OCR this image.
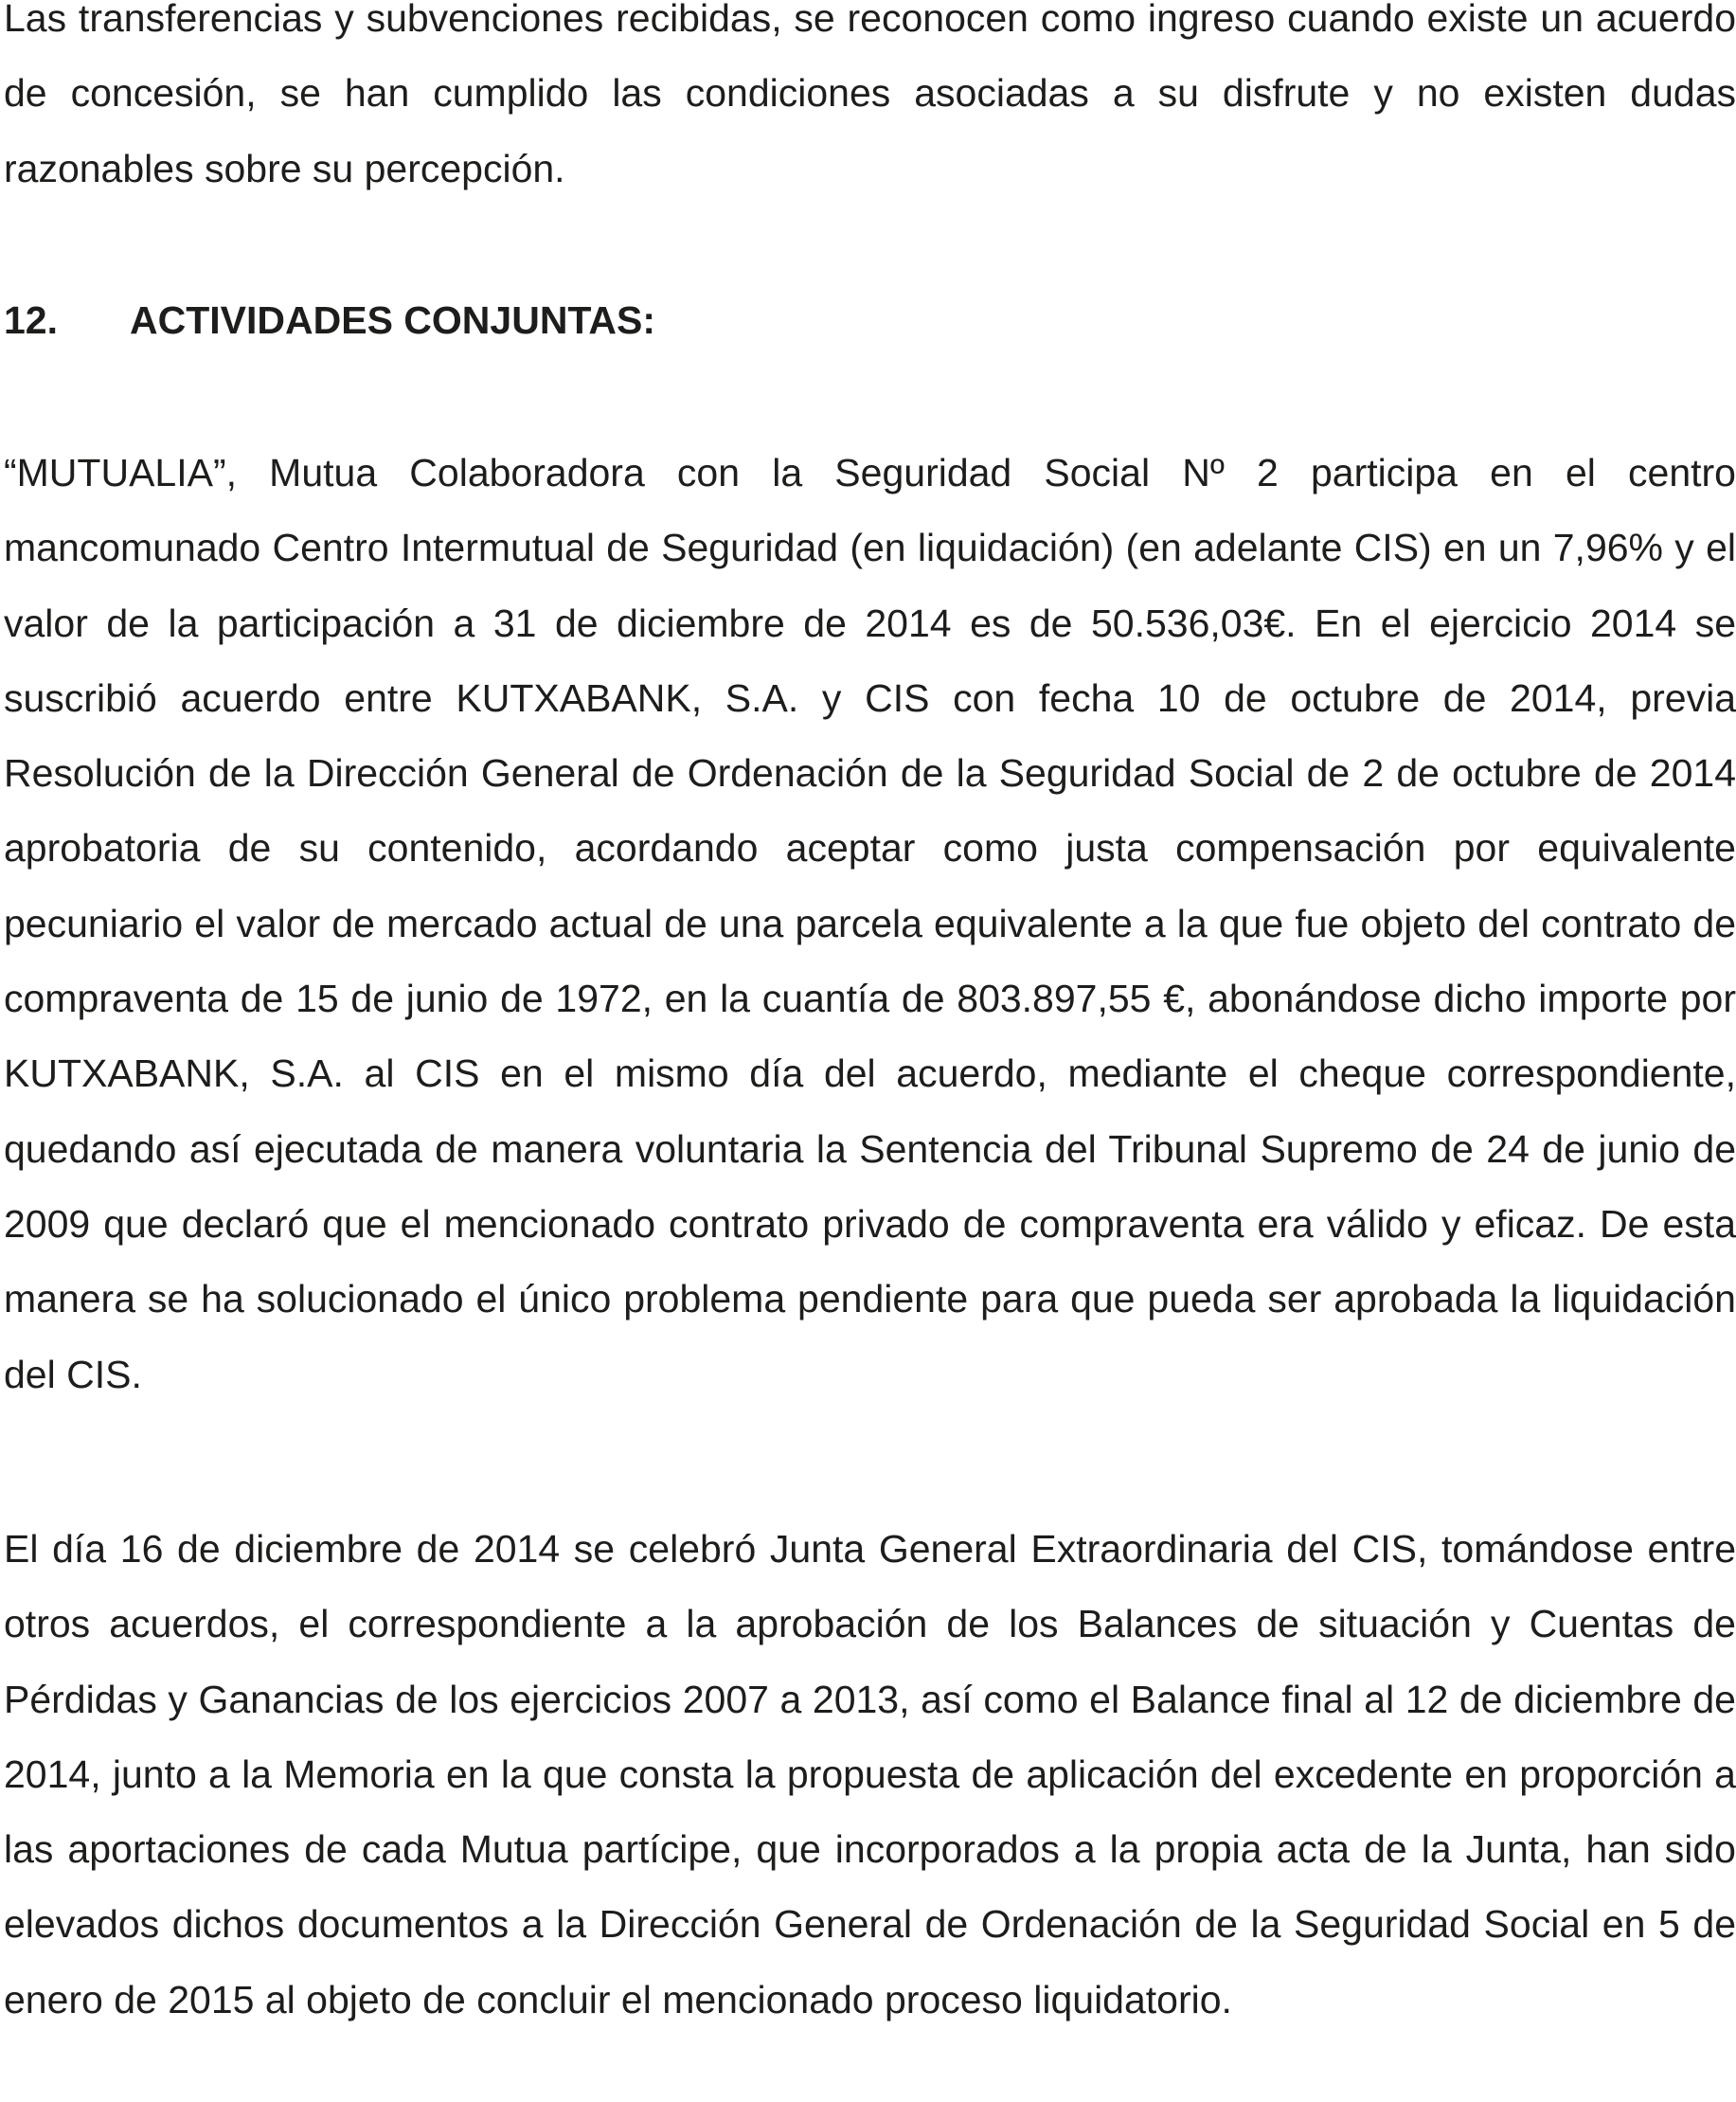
Las transferencias y subvenciones recibidas, se reconocen como ingreso cuando existe un acuerdo de concesión, se han cumplido las condiciones asociadas a su disfrute y no existen dudas razonables sobre su percepción.

12. ACTIVIDADES CONJUNTAS:

“MUTUALIA”, Mutua Colaboradora con la Seguridad Social Nº 2 participa en el centro mancomunado Centro Intermutual de Seguridad (en liquidación) (en adelante CIS) en un 7,96% y el valor de la participación a 31 de diciembre de 2014 es de 50.536,03€. En el ejercicio 2014 se suscribió acuerdo entre KUTXABANK, S.A. y CIS con fecha 10 de octubre de 2014, previa Resolución de la Dirección General de Ordenación de la Seguridad Social de 2 de octubre de 2014 aprobatoria de su contenido, acordando aceptar como justa compensación por equivalente pecuniario el valor de mercado actual de una parcela equivalente a la que fue objeto del contrato de compraventa de 15 de junio de 1972, en la cuantía de 803.897,55 €, abonándose dicho importe por KUTXABANK, S.A. al CIS en el mismo día del acuerdo, mediante el cheque correspondiente, quedando así ejecutada de manera voluntaria la Sentencia del Tribunal Supremo de 24 de junio de 2009 que declaró que el mencionado contrato privado de compraventa era válido y eficaz. De esta manera se ha solucionado el único problema pendiente para que pueda ser aprobada la liquidación del CIS.

El día 16 de diciembre de 2014 se celebró Junta General Extraordinaria del CIS, tomándose entre otros acuerdos, el correspondiente a la aprobación de los Balances de situación y Cuentas de Pérdidas y Ganancias de los ejercicios 2007 a 2013, así como el Balance final al 12 de diciembre de 2014, junto a la Memoria en la que consta la propuesta de aplicación del excedente en proporción a las aportaciones de cada Mutua partícipe, que incorporados a la propia acta de la Junta, han sido elevados dichos documentos a la Dirección General de Ordenación de la Seguridad Social en 5 de enero de 2015 al objeto de concluir el mencionado proceso liquidatorio.
